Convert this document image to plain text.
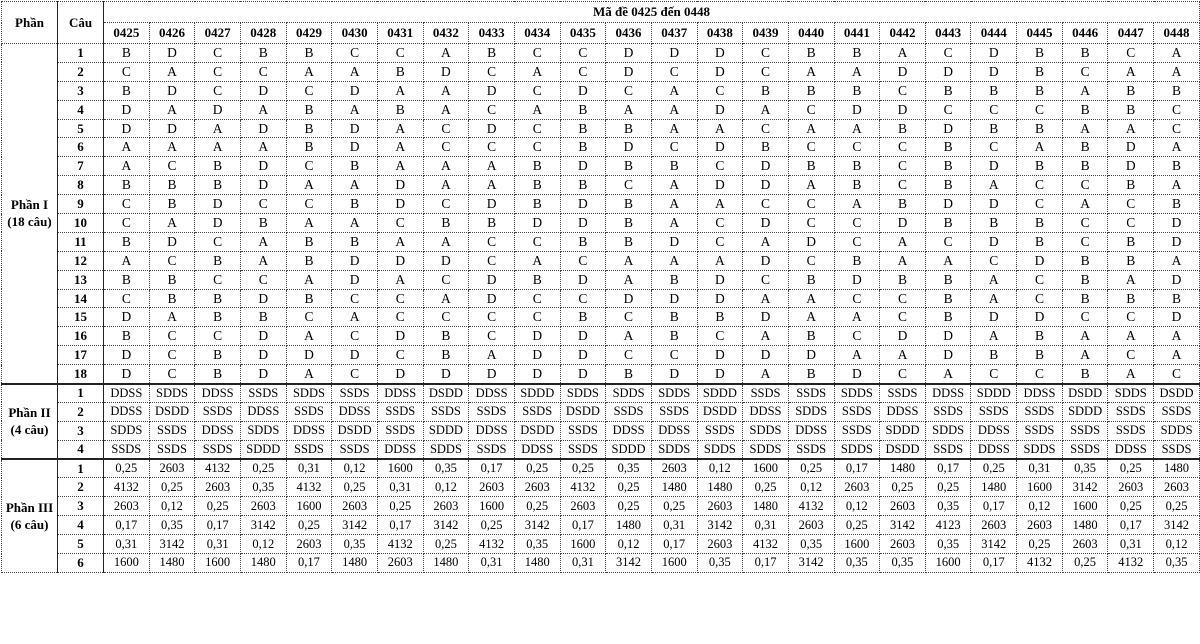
Phần	Câu	Mã đề 0425 đến 0448																							
		0425	0426	0427	0428	0429	0430	0431	0432	0433	0434	0435	0436	0437	0438	0439	0440	0441	0442	0443	0444	0445	0446	0447	0448

Phần I
(18 câu)	1	B	D	C	B	B	C	C	A	B	C	C	D	D	D	C	B	B	A	C	D	B	B	C	A
	2	C	A	C	C	A	A	B	D	C	A	C	D	C	D	C	A	A	D	D	D	B	C	A	A
	3	B	D	C	D	C	D	A	A	D	C	D	C	A	C	B	B	B	C	B	B	B	A	B	B
	4	D	A	D	A	B	A	B	A	C	A	B	A	A	D	A	C	D	D	C	C	C	B	B	C
	5	D	D	A	D	B	D	A	C	D	C	B	B	A	A	C	A	A	B	D	B	B	A	A	C
	6	A	A	A	A	B	D	A	C	C	C	B	D	C	D	B	C	C	C	B	C	A	B	D	A
	7	A	C	B	D	C	B	A	A	A	B	D	B	B	C	D	B	B	C	B	D	B	B	D	B
	8	B	B	B	D	A	A	D	A	A	B	B	C	A	D	D	A	B	C	B	A	C	C	B	A
	9	C	B	D	C	C	B	D	C	D	B	D	B	A	A	C	C	A	B	D	D	C	A	C	B
	10	C	A	D	B	A	A	C	B	B	D	D	B	A	C	D	C	C	D	B	B	B	C	C	D
	11	B	D	C	A	B	B	A	A	C	C	B	B	D	C	A	D	C	A	C	D	B	C	B	D
	12	A	C	B	A	B	D	D	D	C	A	C	A	A	A	D	C	B	A	A	C	D	B	B	A
	13	B	B	C	C	A	D	A	C	D	B	D	A	B	D	C	B	D	B	B	A	C	B	A	D
	14	C	B	B	D	B	C	C	A	D	C	C	D	D	D	A	A	C	C	B	A	C	B	B	B
	15	D	A	B	B	C	A	C	C	C	C	B	C	B	B	D	A	A	C	B	D	D	C	C	D
	16	B	C	C	D	A	C	D	B	C	D	D	A	B	C	A	B	C	D	D	A	B	A	A	A
	17	D	C	B	D	D	D	C	B	A	D	D	C	C	D	D	D	A	A	D	B	B	A	C	A
	18	D	C	B	D	A	C	D	D	D	D	D	B	D	D	A	B	D	C	A	C	C	B	A	C

Phần II
(4 câu)	1	DDSS	SDDS	DDSS	SSDS	SDDS	SSDS	DDSS	DSDD	DDSS	SDDD	SDDS	SDDS	SDDS	SDDD	SSDS	SSDS	SDDS	SSDS	DDSS	SDDD	DDSS	DSDD	SDDS	DSDD
	2	DDSS	DSDD	SSDS	DDSS	SSDS	DDSS	SSDS	SSDS	SSDS	SSDS	DSDD	SSDS	SSDS	DSDD	DDSS	SDDS	SSDS	DDSS	SSDS	SSDS	SSDS	SDDD	SSDS	SSDS
	3	SDDS	SSDS	DDSS	SDDS	DDSS	DSDD	SSDS	SDDD	DDSS	DSDD	SSDS	DDSS	DDSS	SSDS	SDDS	DDSS	SSDS	SDDD	SDDS	DDSS	SSDS	SSDS	SSDS	SDDS
	4	SSDS	SSDS	SSDS	SDDD	SSDS	SSDS	DDSS	SDDS	SSDS	DDSS	SSDS	SDDD	SDDS	SDDS	SDDS	SSDS	SDDS	DSDD	SSDS	DDSS	SDDS	SSDS	DDSS	SSDS

Phần III
(6 câu)	1	0,25	2603	4132	0,25	0,31	0,12	1600	0,35	0,17	0,25	0,25	0,35	2603	0,12	1600	0,25	0,17	1480	0,17	0,25	0,31	0,35	0,25	1480
	2	4132	0,25	2603	0,35	4132	0,25	0,31	0,12	2603	2603	4132	0,25	1480	1480	0,25	0,12	2603	0,25	0,25	1480	1600	3142	2603	2603
	3	2603	0,12	0,25	2603	1600	2603	0,25	2603	1600	0,25	2603	0,25	0,25	2603	1480	4132	0,12	2603	0,35	0,17	0,12	1600	0,25	0,25
	4	0,17	0,35	0,17	3142	0,25	3142	0,17	3142	0,25	3142	0,17	1480	0,31	3142	0,31	2603	0,25	3142	4123	2603	2603	1480	0,17	3142
	5	0,31	3142	0,31	0,12	2603	0,35	4132	0,25	4132	0,35	1600	0,12	0,17	2603	4132	0,35	1600	2603	0,35	3142	0,25	2603	0,31	0,12
	6	1600	1480	1600	1480	0,17	1480	2603	1480	0,31	1480	0,31	3142	1600	0,35	0,17	3142	0,35	0,35	1600	0,17	4132	0,25	4132	0,35
